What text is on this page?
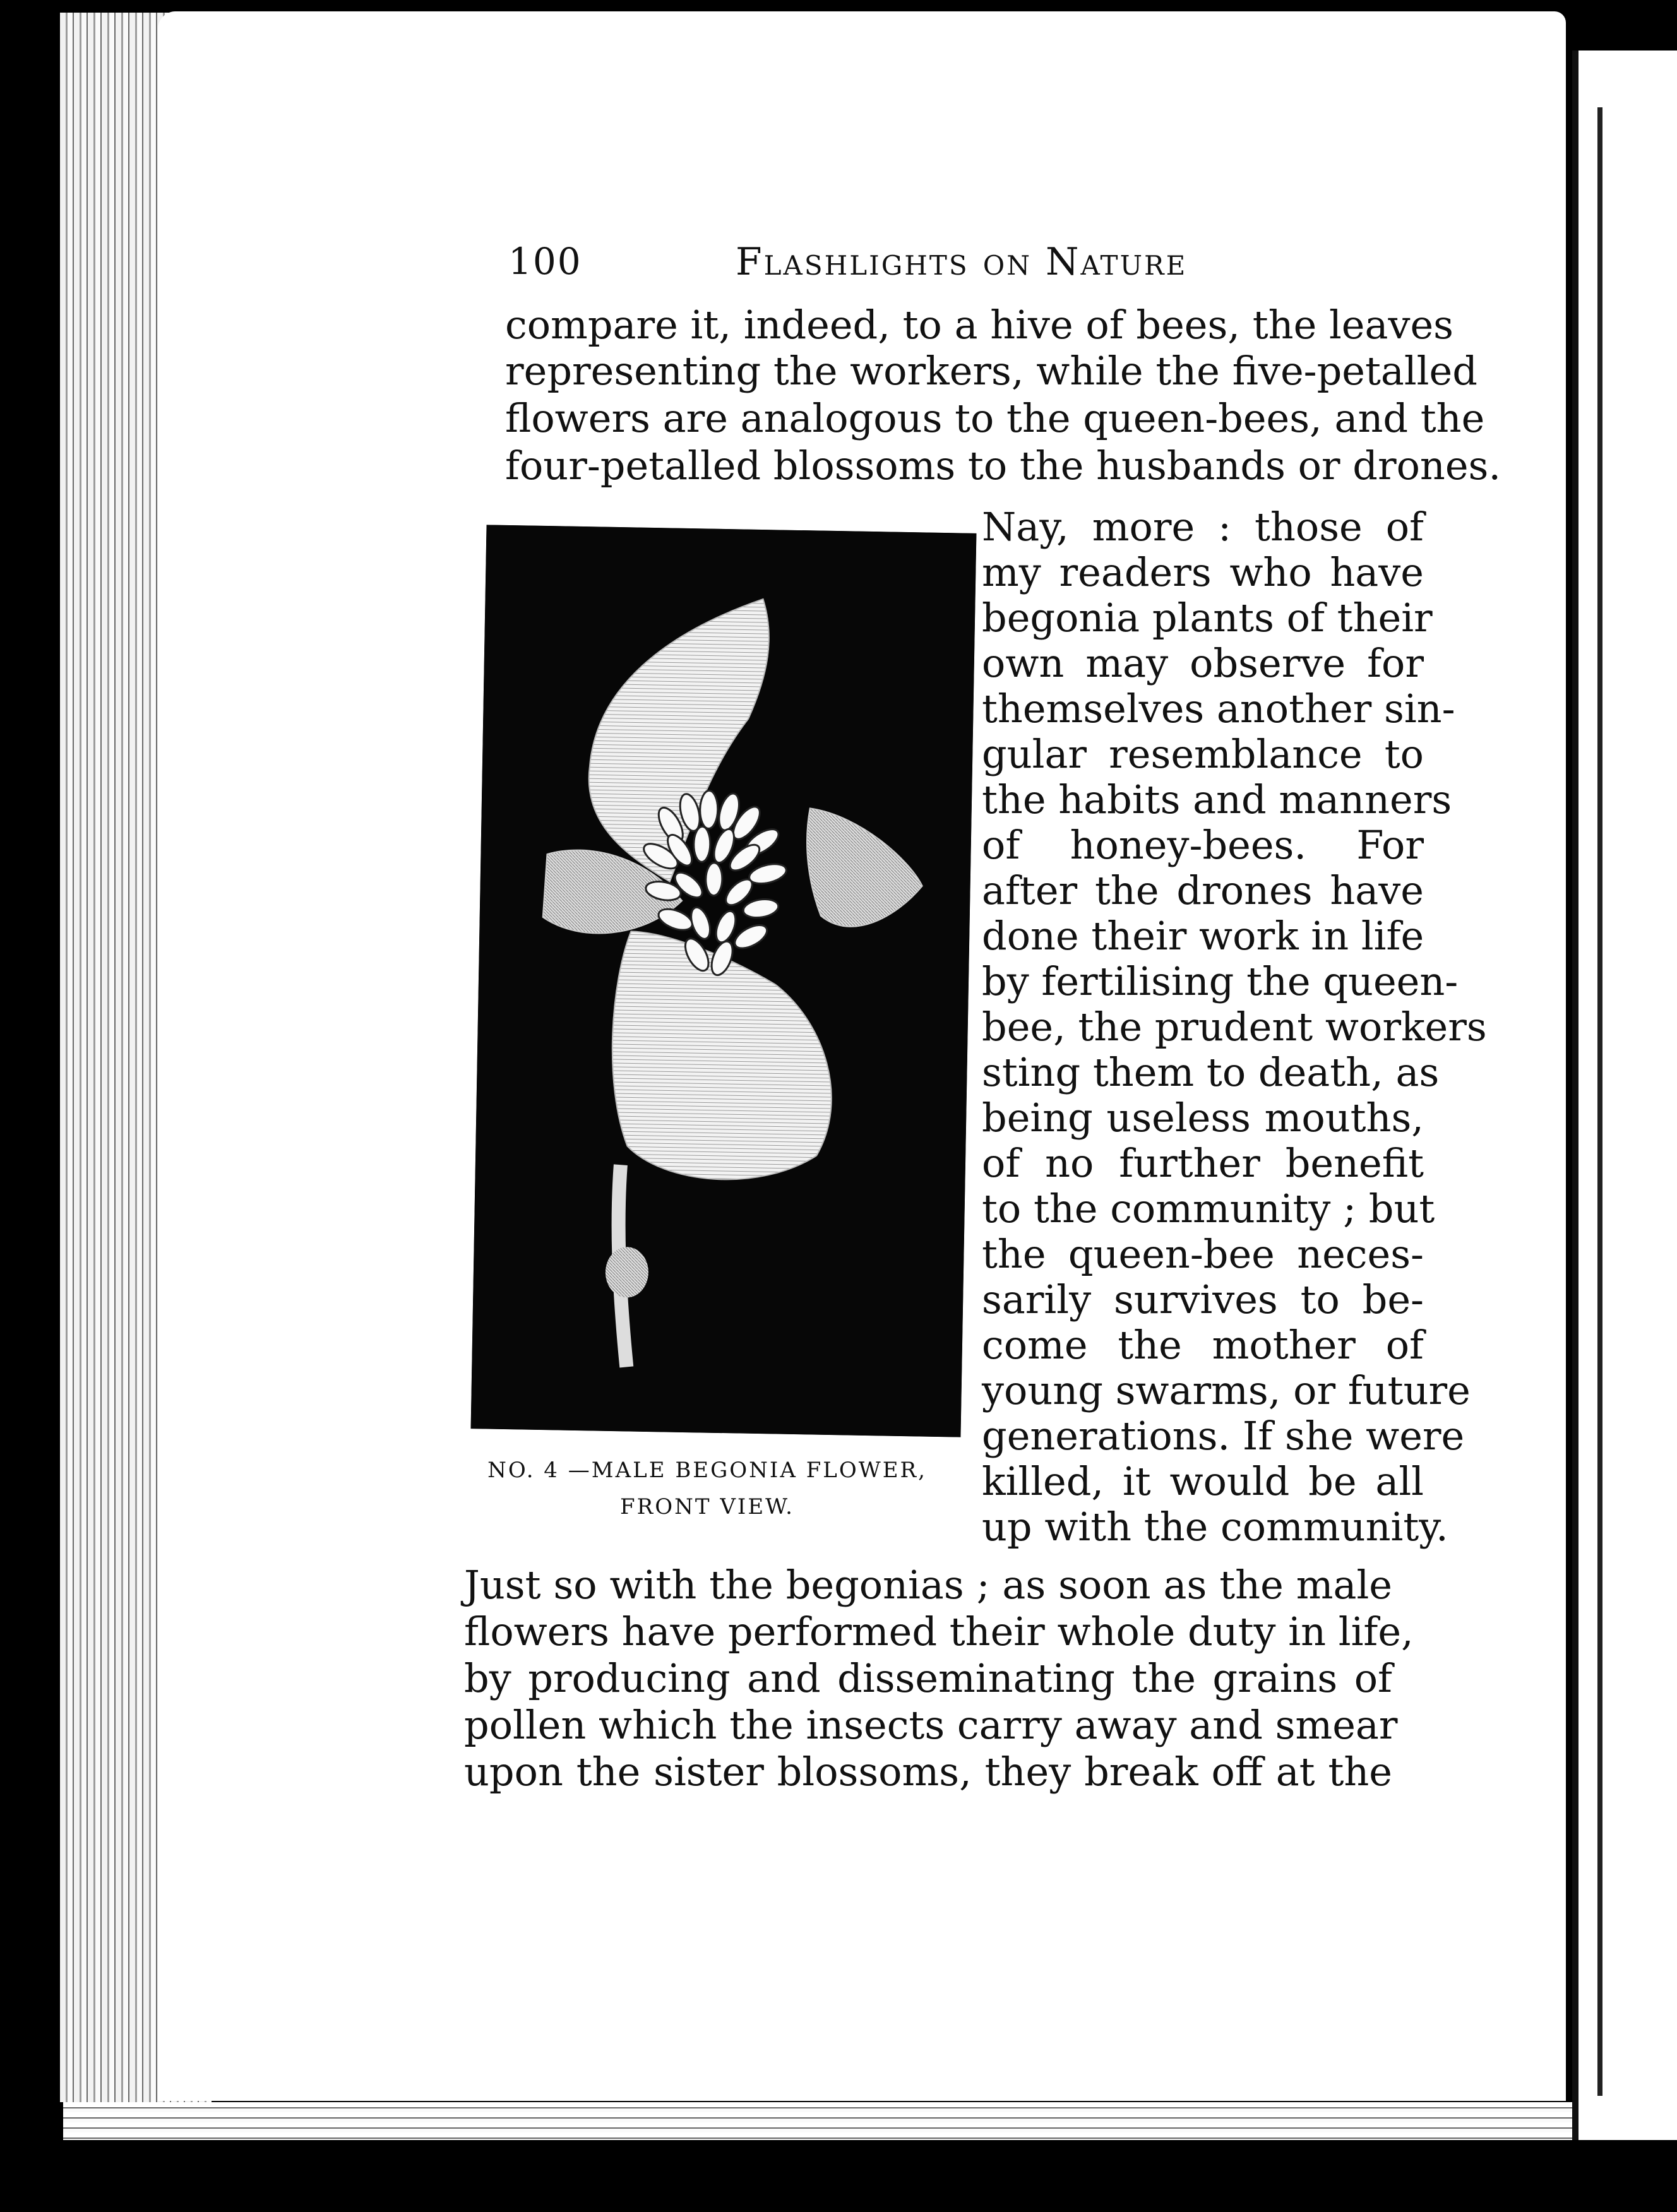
100	Flashlights on Nature
compare it, indeed, to a hive of bees, the leaves
representing the workers, while the five-petalled
flowers are analogous to the queen-bees, and the
four-petalled blossoms to the husbands or drones.
Nay, more : those of
my readers who have
begonia plants of their
own may observe for
themselves another sin-
gular resemblance to
the habits and manners
of honey-bees. For
after the drones have
done their work in life
by fertilising the queen-
bee, the prudent workers
sting them to death, as
being useless mouths,
of no further benefit
to the community ; but
the queen-bee neces-
sarily survives to be-
come the mother of
young swarms, or future
generations. If she were
killed, it would be all
up with the community.
NO. 4 —MALE BEGONIA FLOWER,
FRONT VIEW.
Just so with the begonias ; as soon as the male
flowers have performed their whole duty in life,
by producing and disseminating the grains of
pollen which the insects carry away and smear
upon the sister blossoms, they break off at the
